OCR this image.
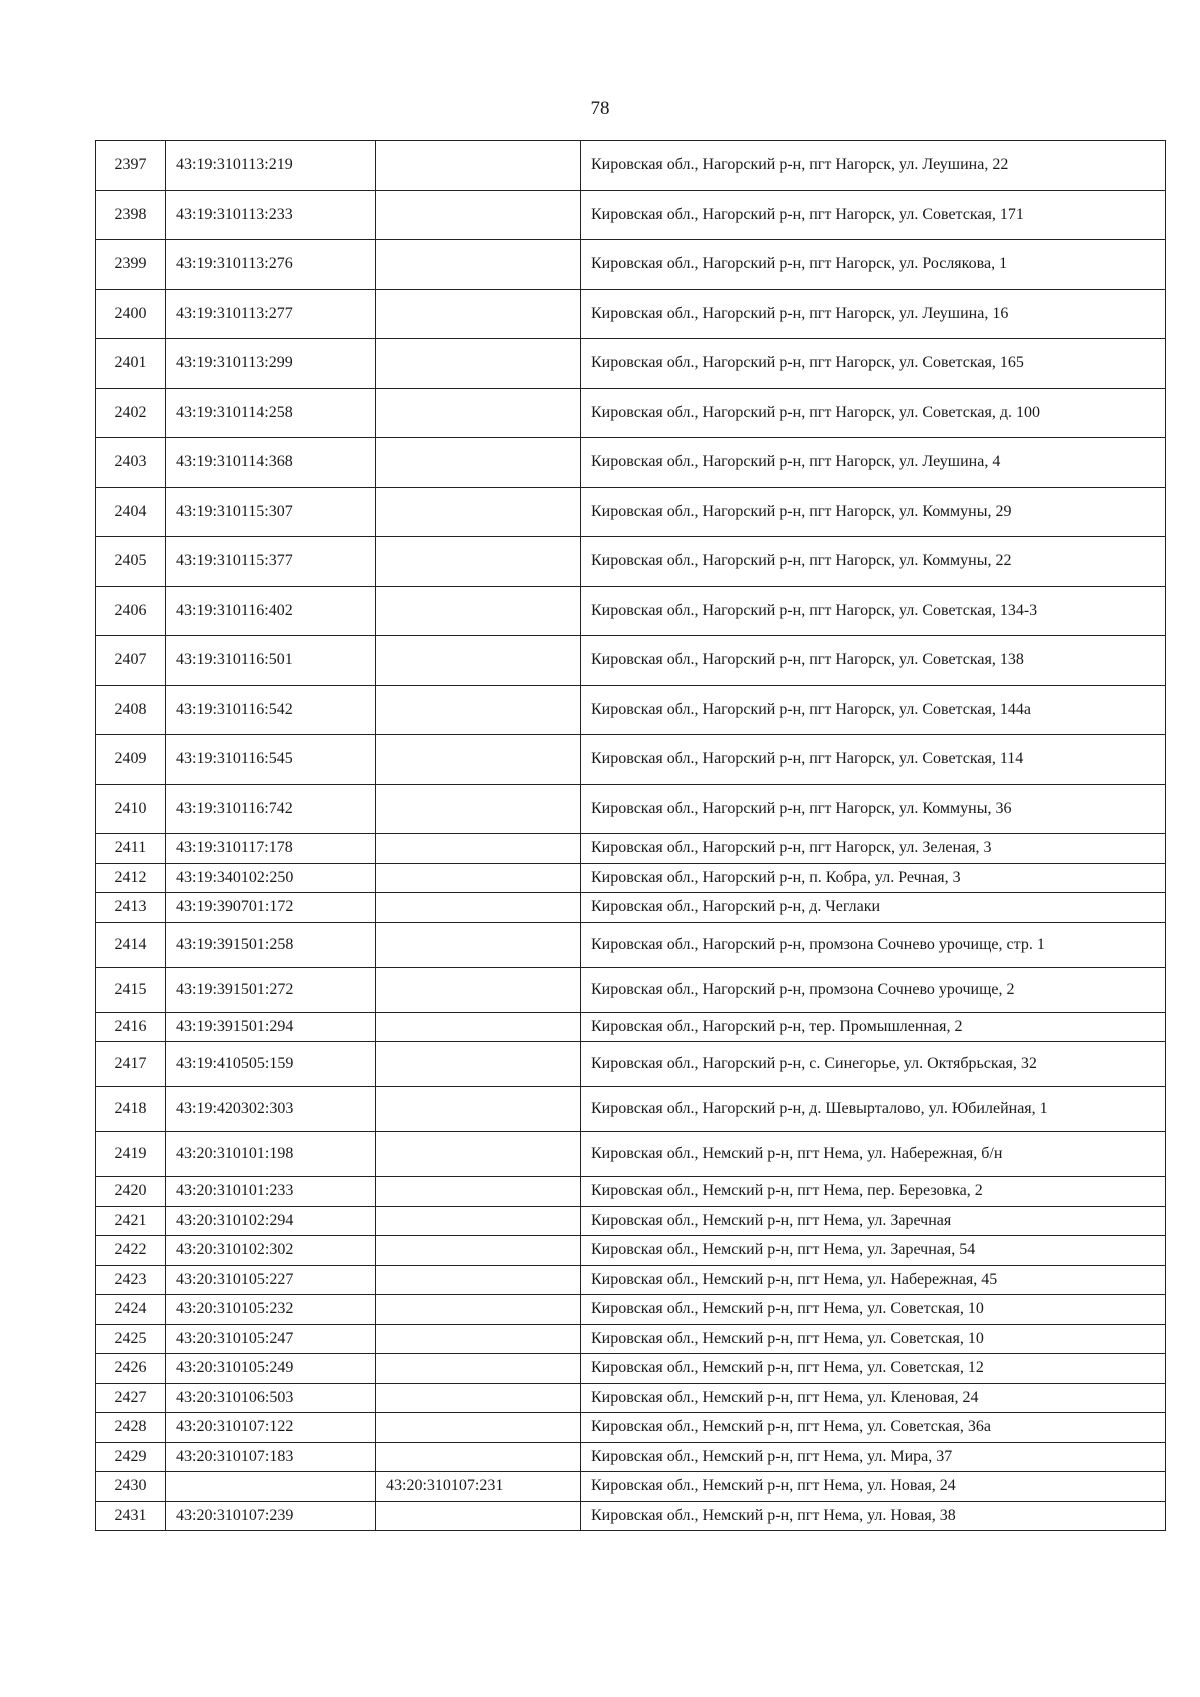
78
2397	43:19:310113:219		Кировская обл., Нагорский р-н, пгт Нагорск, ул. Леушина, 22
2398	43:19:310113:233		Кировская обл., Нагорский р-н, пгт Нагорск, ул. Советская, 171
2399	43:19:310113:276		Кировская обл., Нагорский р-н, пгт Нагорск, ул. Рослякова, 1
2400	43:19:310113:277		Кировская обл., Нагорский р-н, пгт Нагорск, ул. Леушина, 16
2401	43:19:310113:299		Кировская обл., Нагорский р-н, пгт Нагорск, ул. Советская, 165
2402	43:19:310114:258		Кировская обл., Нагорский р-н, пгт Нагорск, ул. Советская, д. 100
2403	43:19:310114:368		Кировская обл., Нагорский р-н, пгт Нагорск, ул. Леушина, 4
2404	43:19:310115:307		Кировская обл., Нагорский р-н, пгт Нагорск, ул. Коммуны, 29
2405	43:19:310115:377		Кировская обл., Нагорский р-н, пгт Нагорск, ул. Коммуны, 22
2406	43:19:310116:402		Кировская обл., Нагорский р-н, пгт Нагорск, ул. Советская, 134-3
2407	43:19:310116:501		Кировская обл., Нагорский р-н, пгт Нагорск, ул. Советская, 138
2408	43:19:310116:542		Кировская обл., Нагорский р-н, пгт Нагорск, ул. Советская, 144а
2409	43:19:310116:545		Кировская обл., Нагорский р-н, пгт Нагорск, ул. Советская, 114
2410	43:19:310116:742		Кировская обл., Нагорский р-н, пгт Нагорск, ул. Коммуны, 36
2411	43:19:310117:178		Кировская обл., Нагорский р-н, пгт Нагорск, ул. Зеленая, 3
2412	43:19:340102:250		Кировская обл., Нагорский р-н, п. Кобра, ул. Речная, 3
2413	43:19:390701:172		Кировская обл., Нагорский р-н, д. Чеглаки
2414	43:19:391501:258		Кировская обл., Нагорский р-н, промзона Сочнево урочище, стр. 1
2415	43:19:391501:272		Кировская обл., Нагорский р-н, промзона Сочнево урочище, 2
2416	43:19:391501:294		Кировская обл., Нагорский р-н, тер. Промышленная, 2
2417	43:19:410505:159		Кировская обл., Нагорский р-н, с. Синегорье, ул. Октябрьская, 32
2418	43:19:420302:303		Кировская обл., Нагорский р-н, д. Шевырталово, ул. Юбилейная, 1
2419	43:20:310101:198		Кировская обл., Немский р-н, пгт Нема, ул. Набережная, б/н
2420	43:20:310101:233		Кировская обл., Немский р-н, пгт Нема, пер. Березовка, 2
2421	43:20:310102:294		Кировская обл., Немский р-н, пгт Нема, ул. Заречная
2422	43:20:310102:302		Кировская обл., Немский р-н, пгт Нема, ул. Заречная, 54
2423	43:20:310105:227		Кировская обл., Немский р-н, пгт Нема, ул. Набережная, 45
2424	43:20:310105:232		Кировская обл., Немский р-н, пгт Нема, ул. Советская, 10
2425	43:20:310105:247		Кировская обл., Немский р-н, пгт Нема, ул. Советская, 10
2426	43:20:310105:249		Кировская обл., Немский р-н, пгт Нема, ул. Советская, 12
2427	43:20:310106:503		Кировская обл., Немский р-н, пгт Нема, ул. Кленовая, 24
2428	43:20:310107:122		Кировская обл., Немский р-н, пгт Нема, ул. Советская, 36а
2429	43:20:310107:183		Кировская обл., Немский р-н, пгт Нема, ул. Мира, 37
2430		43:20:310107:231	Кировская обл., Немский р-н, пгт Нема, ул. Новая, 24
2431	43:20:310107:239		Кировская обл., Немский р-н, пгт Нема, ул. Новая, 38
